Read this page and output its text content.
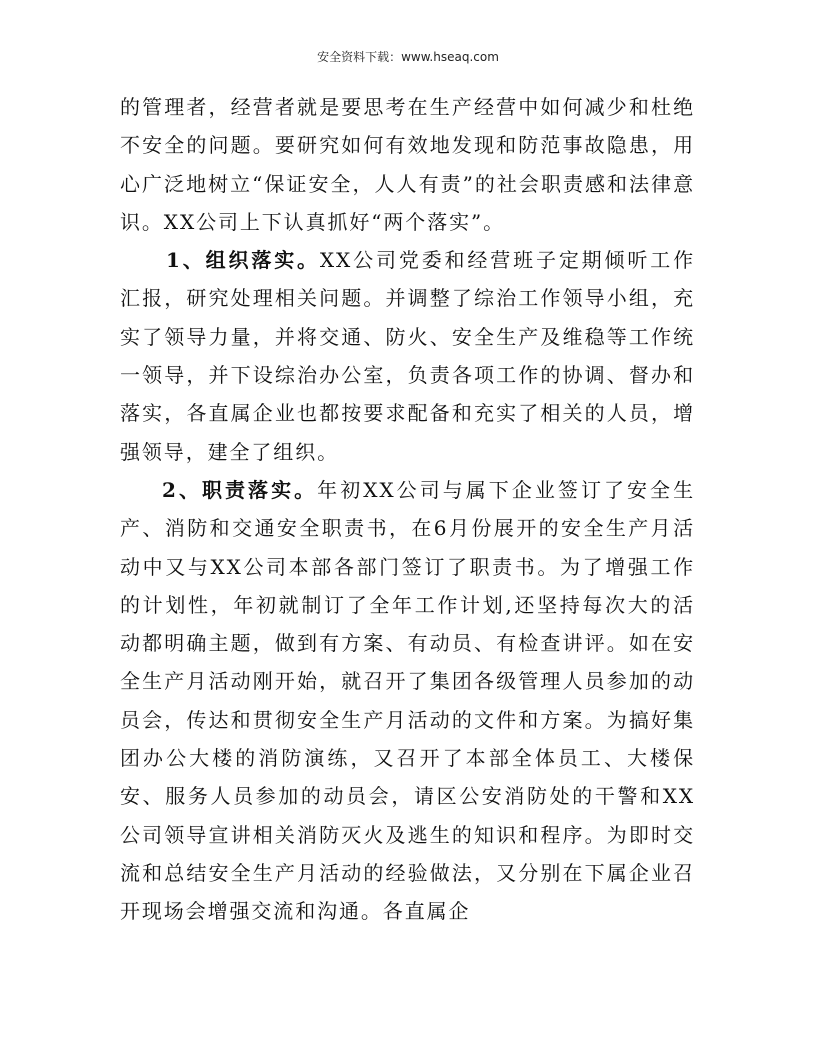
安全资料下载：www.hseaq.com

的管理者，经营者就是要思考在生产经营中如何减少和杜绝不安全的问题。要研究如何有效地发现和防范事故隐患，用心广泛地树立“保证安全，人人有责”的社会职责感和法律意识。XX公司上下认真抓好“两个落实”。

1、组织落实。XX公司党委和经营班子定期倾听工作汇报，研究处理相关问题。并调整了综治工作领导小组，充实了领导力量，并将交通、防火、安全生产及维稳等工作统一领导，并下设综治办公室，负责各项工作的协调、督办和落实，各直属企业也都按要求配备和充实了相关的人员，增强领导，建全了组织。

2、职责落实。年初XX公司与属下企业签订了安全生产、消防和交通安全职责书，在6月份展开的安全生产月活动中又与XX公司本部各部门签订了职责书。为了增强工作的计划性，年初就制订了全年工作计划,还坚持每次大的活动都明确主题，做到有方案、有动员、有检查讲评。如在安全生产月活动刚开始，就召开了集团各级管理人员参加的动员会，传达和贯彻安全生产月活动的文件和方案。为搞好集团办公大楼的消防演练，又召开了本部全体员工、大楼保安、服务人员参加的动员会，请区公安消防处的干警和XX公司领导宣讲相关消防灭火及逃生的知识和程序。为即时交流和总结安全生产月活动的经验做法，又分别在下属企业召开现场会增强交流和沟通。各直属企
